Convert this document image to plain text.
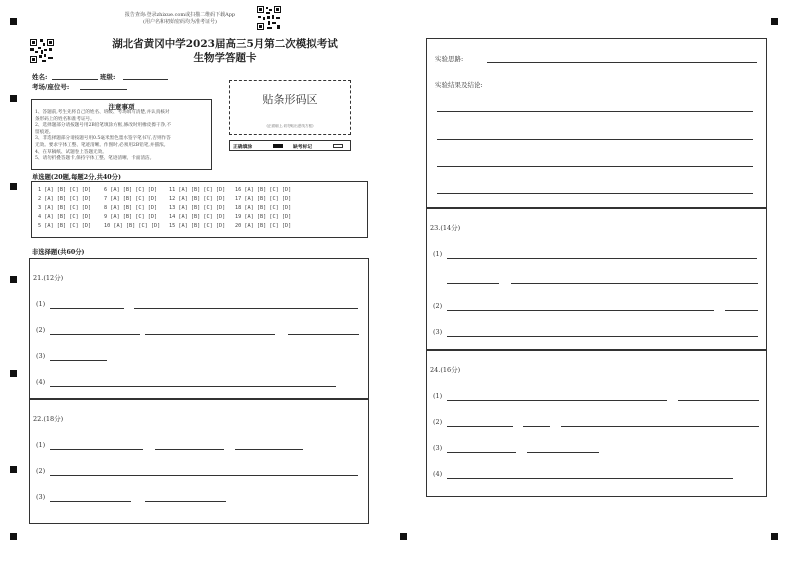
报告查询:登录zhixue.com或扫描二维码下载App
(用户名和初始密码均为准考证号)
湖北省黄冈中学2023届高三5月第二次模拟考试
生物学答题卡
姓名:	班级:
考场/座位号:
注意事项
1、答题前,考生先将自己的姓名、班级、考场填写清楚,并认真核对
条形码上的姓名和准考证号。
2、选择题部分请按题号用2B铅笔填涂方框,修改时用橡皮擦干净,不
留痕迹。
3、非选择题部分请按题号用0.5毫米黑色墨水签字笔书写,否则作答
无效。要求字体工整、笔迹清晰。作图时,必须用2B铅笔,并描浓。
4、在草稿纸、试题卷上答题无效。
5、请勿折叠答题卡,保持字体工整、笔迹清晰、卡面清洁。
贴条形码区
(正面朝上,切勿贴出虚线方框)
正确填涂	缺考标记
单选题(20题,每题2分,共40分)
1 [A] [B] [C] [D]
2 [A] [B] [C] [D]
3 [A] [B] [C] [D]
4 [A] [B] [C] [D]
5 [A] [B] [C] [D]
6 [A] [B] [C] [D]
7 [A] [B] [C] [D]
8 [A] [B] [C] [D]
9 [A] [B] [C] [D]
10 [A] [B] [C] [D]
11 [A] [B] [C] [D]
12 [A] [B] [C] [D]
13 [A] [B] [C] [D]
14 [A] [B] [C] [D]
15 [A] [B] [C] [D]
16 [A] [B] [C] [D]
17 [A] [B] [C] [D]
18 [A] [B] [C] [D]
19 [A] [B] [C] [D]
20 [A] [B] [C] [D]
非选择题(共60分)
21.(12分)
(1)
(2)
(3)
(4)
22.(18分)
(1)
(2)
(3)
实验思路:
实验结果及结论:
23.(14分)
(1)
(2)
(3)
24.(16分)
(1)
(2)
(3)
(4)
